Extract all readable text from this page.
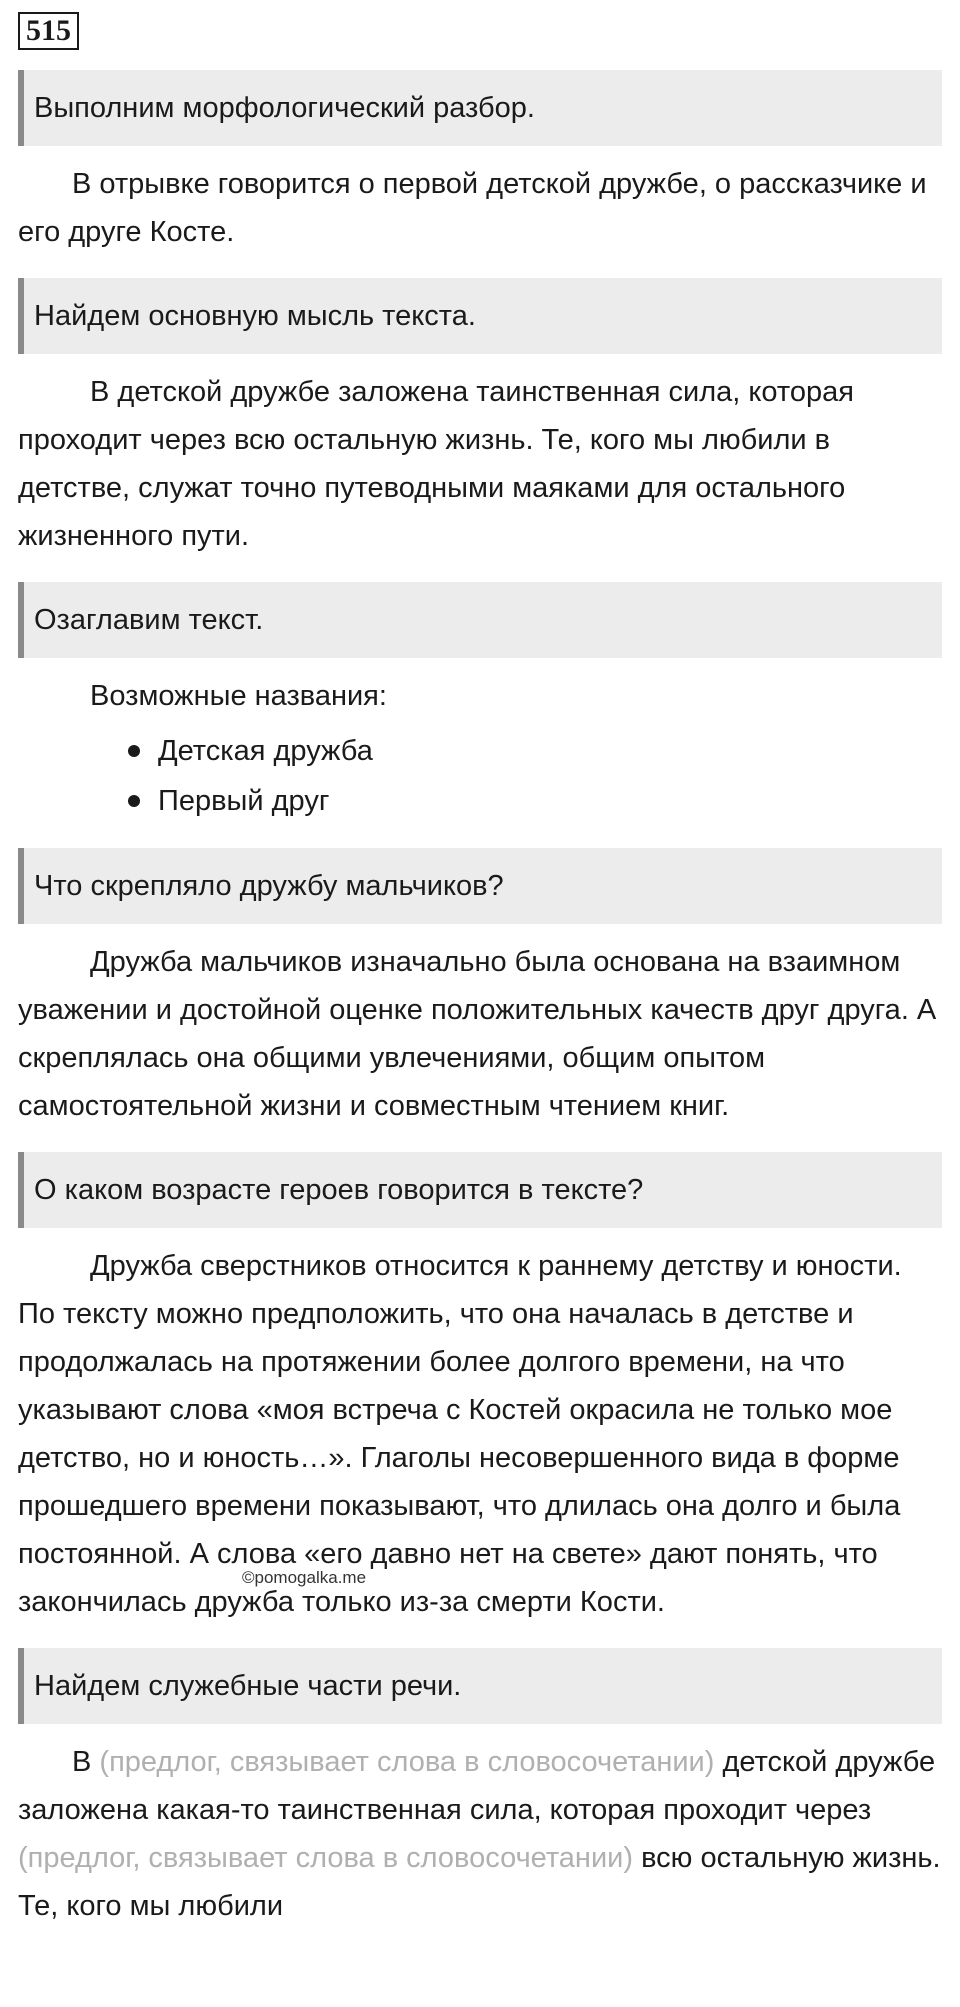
515
Выполним морфологический разбор.

В отрывке говорится о первой детской дружбе, о рассказчике и его друге Косте.

Найдем основную мысль текста.

В детской дружбе заложена таинственная сила, которая проходит через всю остальную жизнь. Те, кого мы любили в детстве, служат точно путеводными маяками для остального жизненного пути.

Озаглавим текст.

Возможные названия:

Детская дружба
Первый друг
Что скрепляло дружбу мальчиков?

Дружба мальчиков изначально была основана на взаимном уважении и достойной оценке положительных качеств друг друга. А скреплялась она общими увлечениями, общим опытом самостоятельной жизни и совместным чтением книг.

О каком возрасте героев говорится в тексте?

Дружба сверстников относится к раннему детству и юности. По тексту можно предположить, что она началась в детстве и продолжалась на протяжении более долгого времени, на что указывают слова «моя встреча с Костей окрасила не только мое детство, но и юность…». Глаголы несовершенного вида в форме прошедшего времени показывают, что длилась она долго и была постоянной. А слова «его давно нет на свете» дают понять, что закончилась дружба только из-за смерти Кости.

Найдем служебные части речи.

В (предлог, связывает слова в словосочетании) детской дружбе заложена какая-то таинственная сила, которая проходит через (предлог, связывает слова в словосочетании) всю остальную жизнь. Те, кого мы любили

©pomogalka.me
